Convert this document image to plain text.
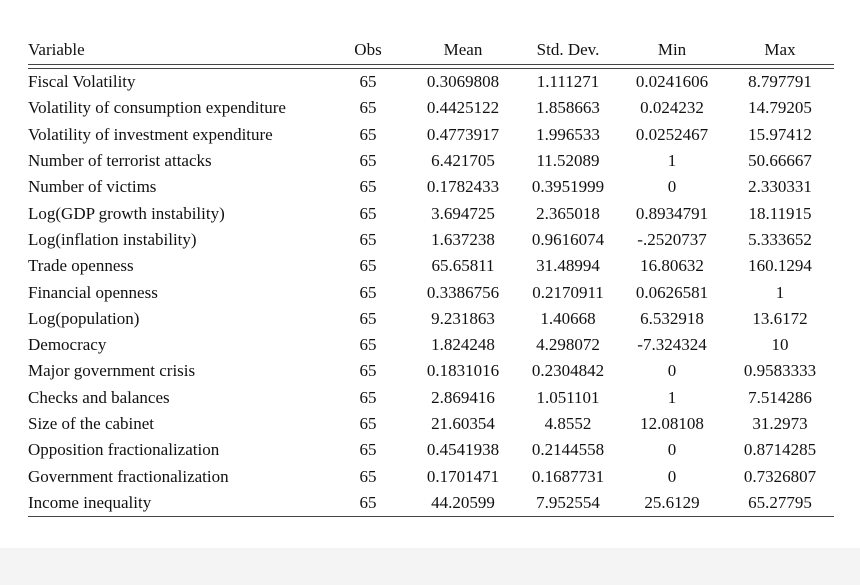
Variable	Obs	Mean	Std. Dev.	Min	Max

Fiscal Volatility	65	0.3069808	1.111271	0.0241606	8.797791
Volatility of consumption expenditure	65	0.4425122	1.858663	0.024232	14.79205
Volatility of investment expenditure	65	0.4773917	1.996533	0.0252467	15.97412
Number of terrorist attacks	65	6.421705	11.52089	1	50.66667
Number of victims	65	0.1782433	0.3951999	0	2.330331
Log(GDP growth instability)	65	3.694725	2.365018	0.8934791	18.11915
Log(inflation instability)	65	1.637238	0.9616074	-.2520737	5.333652
Trade openness	65	65.65811	31.48994	16.80632	160.1294
Financial openness	65	0.3386756	0.2170911	0.0626581	1
Log(population)	65	9.231863	1.40668	6.532918	13.6172
Democracy	65	1.824248	4.298072	-7.324324	10
Major government crisis	65	0.1831016	0.2304842	0	0.9583333
Checks and balances	65	2.869416	1.051101	1	7.514286
Size of the cabinet	65	21.60354	4.8552	12.08108	31.2973
Opposition fractionalization	65	0.4541938	0.2144558	0	0.8714285
Government fractionalization	65	0.1701471	0.1687731	0	0.7326807
Income inequality	65	44.20599	7.952554	25.6129	65.27795
